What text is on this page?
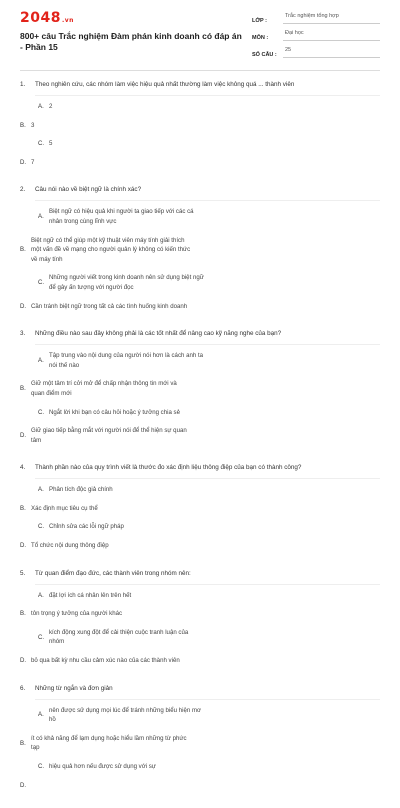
2048.vn
800+ câu Trắc nghiệm Đàm phán kinh doanh có đáp án - Phần 15
LỚP :
Trắc nghiệm tổng hợp
MÔN :
Đại học
SỐ CÂU :
25
1.	Theo nghiên cứu, các nhóm làm việc hiệu quả nhất thường làm việc không quá ... thành viên
A. 2
B. 3
C. 5
D. 7
2.	Câu nói nào về biệt ngữ là chính xác?
A.
Biệt ngữ có hiệu quả khi người ta giao tiếp với các cá nhân trong cùng lĩnh vực
B.
Biệt ngữ có thể giúp một kỹ thuật viên máy tính giải thích một vấn đề về mạng cho người quản lý không có kiến thức về máy tính
C.
Những người viết trong kinh doanh nên sử dụng biệt ngữ để gây ấn tượng với người đọc
D. Cần tránh biệt ngữ trong tất cả các tình huống kinh doanh
3.	Những điều nào sau đây không phải là các tốt nhất để nâng cao kỹ năng nghe của bạn?
A.
Tập trung vào nội dung của người nói hơn là cách anh ta nói thế nào
B.
Giữ một tâm trí cởi mở để chấp nhận thông tin mới và quan điểm mới
C. Ngắt lời khi bạn có câu hỏi hoặc ý tưởng chia sẻ
D.
Giữ giao tiếp bằng mắt với người nói để thể hiện sự quan tâm
4.	Thành phần nào của quy trình viết là thước đo xác định liệu thông điệp của bạn có thành công?
A. Phân tích độc giả chính
B. Xác định mục tiêu cụ thể
C. Chỉnh sửa các lỗi ngữ pháp
D. Tổ chức nội dung thông điệp
5.	Từ quan điểm đạo đức, các thành viên trong nhóm nên:
A. đặt lợi ích cá nhân lên trên hết
B. tôn trọng ý tưởng của người khác
C.
kích động xung đột để cải thiện cuộc tranh luận của nhóm
D. bỏ qua bất kỳ nhu cầu cảm xúc nào của các thành viên
6.	Những từ ngắn và đơn giản
A.
nên được sử dụng mọi lúc để tránh những biểu hiện mơ hồ
B.
ít có khả năng để lạm dụng hoặc hiểu lầm những từ phức tạp
C. hiệu quả hơn nếu được sử dụng với sự
D.
